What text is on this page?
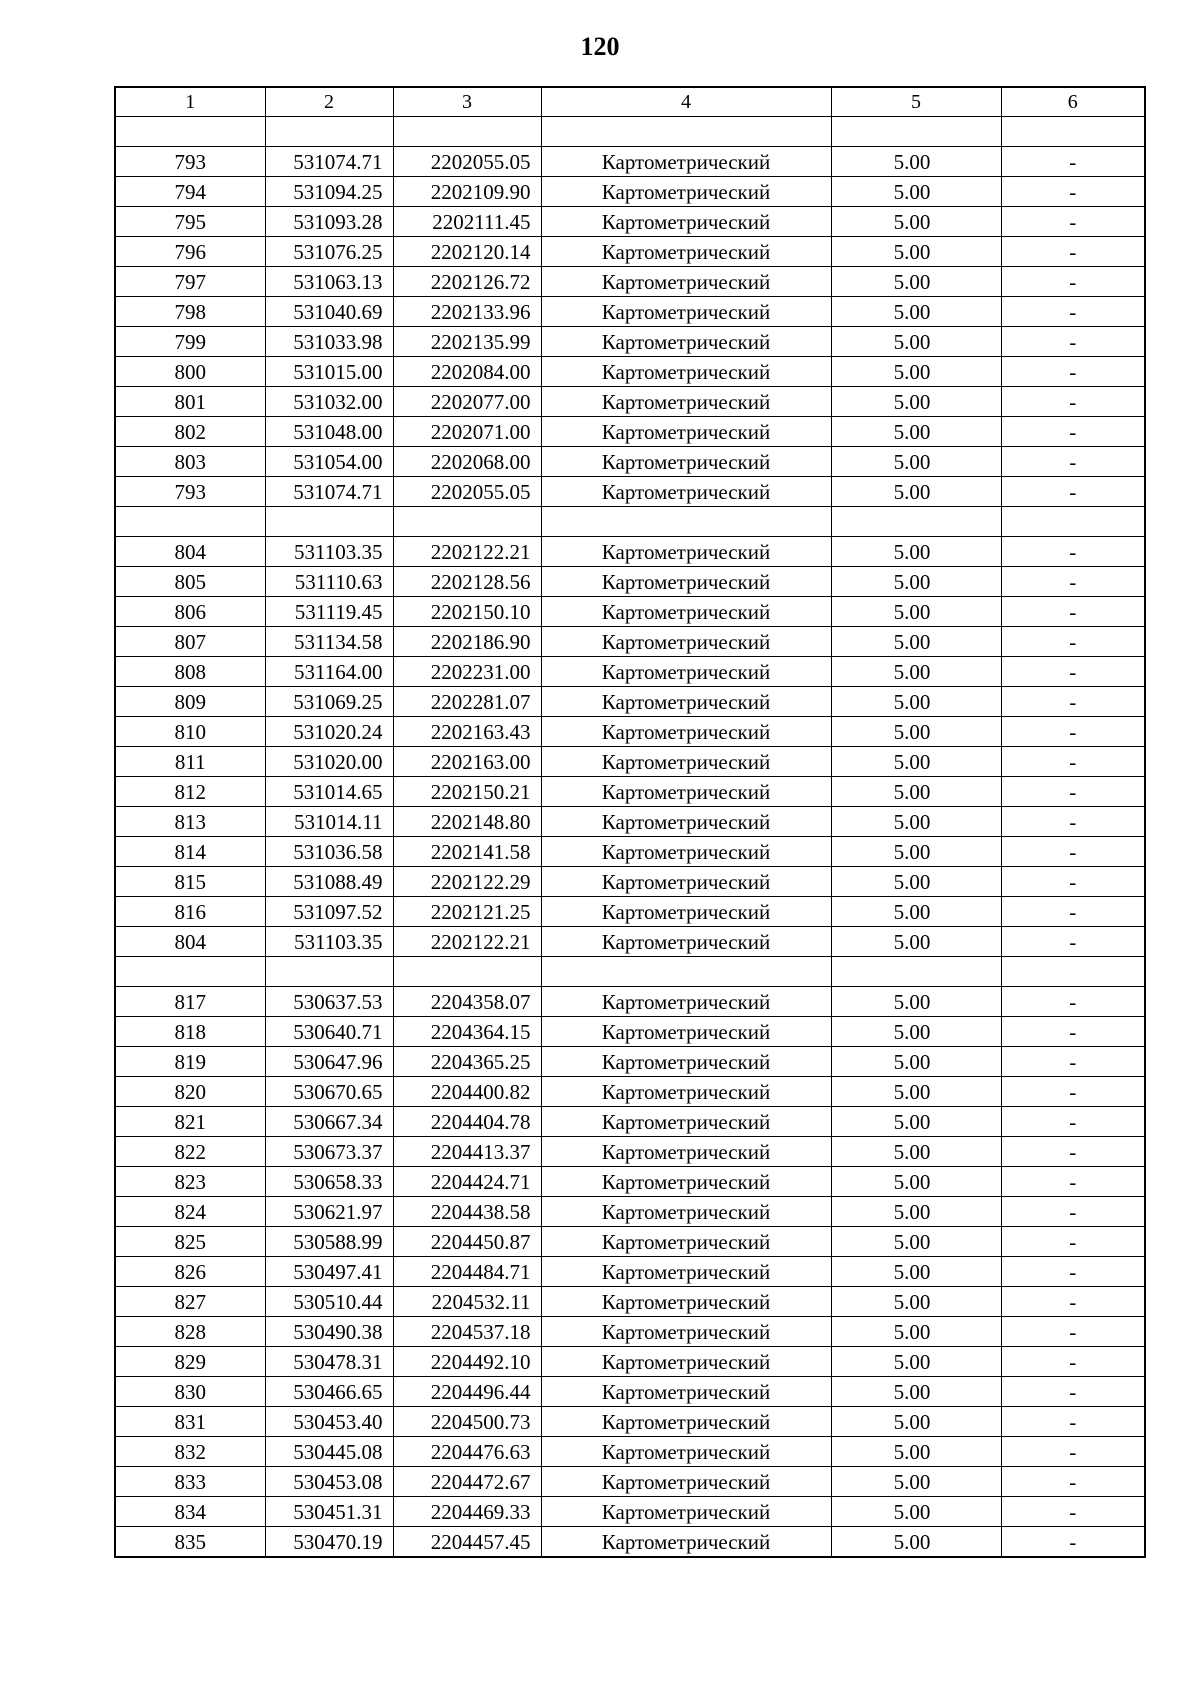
120
1	2	3	4	5	6

793	531074.71	2202055.05	Картометрический	5.00	-
794	531094.25	2202109.90	Картометрический	5.00	-
795	531093.28	2202111.45	Картометрический	5.00	-
796	531076.25	2202120.14	Картометрический	5.00	-
797	531063.13	2202126.72	Картометрический	5.00	-
798	531040.69	2202133.96	Картометрический	5.00	-
799	531033.98	2202135.99	Картометрический	5.00	-
800	531015.00	2202084.00	Картометрический	5.00	-
801	531032.00	2202077.00	Картометрический	5.00	-
802	531048.00	2202071.00	Картометрический	5.00	-
803	531054.00	2202068.00	Картометрический	5.00	-
793	531074.71	2202055.05	Картометрический	5.00	-

804	531103.35	2202122.21	Картометрический	5.00	-
805	531110.63	2202128.56	Картометрический	5.00	-
806	531119.45	2202150.10	Картометрический	5.00	-
807	531134.58	2202186.90	Картометрический	5.00	-
808	531164.00	2202231.00	Картометрический	5.00	-
809	531069.25	2202281.07	Картометрический	5.00	-
810	531020.24	2202163.43	Картометрический	5.00	-
811	531020.00	2202163.00	Картометрический	5.00	-
812	531014.65	2202150.21	Картометрический	5.00	-
813	531014.11	2202148.80	Картометрический	5.00	-
814	531036.58	2202141.58	Картометрический	5.00	-
815	531088.49	2202122.29	Картометрический	5.00	-
816	531097.52	2202121.25	Картометрический	5.00	-
804	531103.35	2202122.21	Картометрический	5.00	-

817	530637.53	2204358.07	Картометрический	5.00	-
818	530640.71	2204364.15	Картометрический	5.00	-
819	530647.96	2204365.25	Картометрический	5.00	-
820	530670.65	2204400.82	Картометрический	5.00	-
821	530667.34	2204404.78	Картометрический	5.00	-
822	530673.37	2204413.37	Картометрический	5.00	-
823	530658.33	2204424.71	Картометрический	5.00	-
824	530621.97	2204438.58	Картометрический	5.00	-
825	530588.99	2204450.87	Картометрический	5.00	-
826	530497.41	2204484.71	Картометрический	5.00	-
827	530510.44	2204532.11	Картометрический	5.00	-
828	530490.38	2204537.18	Картометрический	5.00	-
829	530478.31	2204492.10	Картометрический	5.00	-
830	530466.65	2204496.44	Картометрический	5.00	-
831	530453.40	2204500.73	Картометрический	5.00	-
832	530445.08	2204476.63	Картометрический	5.00	-
833	530453.08	2204472.67	Картометрический	5.00	-
834	530451.31	2204469.33	Картометрический	5.00	-
835	530470.19	2204457.45	Картометрический	5.00	-
